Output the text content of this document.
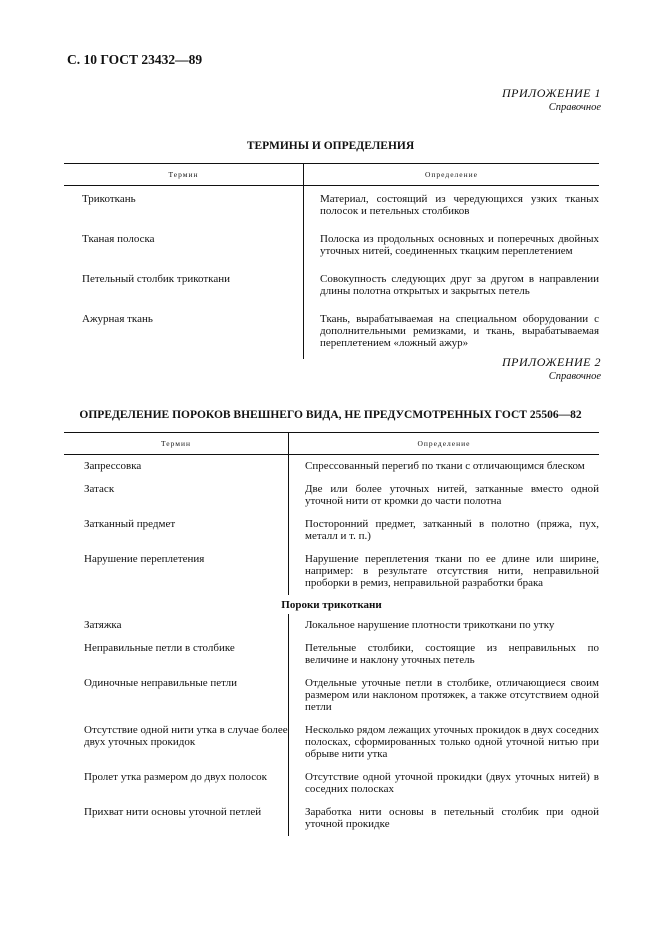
С. 10 ГОСТ 23432—89
ПРИЛОЖЕНИЕ 1
Справочное
ТЕРМИНЫ И ОПРЕДЕЛЕНИЯ
Термин	Определение
Трикоткань	Материал, состоящий из чередующихся узких тканых полосок и петельных столбиков
Тканая полоска	Полоска из продольных основных и поперечных двойных уточных нитей, соединенных ткацким переплетением
Петельный столбик трикоткани	Совокупность следующих друг за другом в направлении длины полотна открытых и закрытых петель
Ажурная ткань	Ткань, вырабатываемая на специальном оборудовании с дополнительными ремизками, и ткань, вырабатываемая переплетением «ложный ажур»
ПРИЛОЖЕНИЕ 2
Справочное
ОПРЕДЕЛЕНИЕ ПОРОКОВ ВНЕШНЕГО ВИДА, НЕ ПРЕДУСМОТРЕННЫХ ГОСТ 25506—82
Термин	Определение
Запрессовка	Спрессованный перегиб по ткани с отличающимся блеском
Затаск	Две или более уточных нитей, затканные вместо одной уточной нити от кромки до части полотна
Затканный предмет	Посторонний предмет, затканный в полотно (пряжа, пух, металл и т. п.)
Нарушение переплетения	Нарушение переплетения ткани по ее длине или ширине, например: в результате отсутствия нити, неправильной проборки в ремиз, неправильной разработки брака
Пороки трикоткани	
Затяжка	Локальное нарушение плотности трикоткани по утку
Неправильные петли в столбике	Петельные столбики, состоящие из неправильных по величине и наклону уточных петель
Одиночные неправильные петли	Отдельные уточные петли в столбике, отличающиеся своим размером или наклоном протяжек, а также отсутствием одной петли
Отсутствие одной нити утка в случае более двух уточных прокидок	Несколько рядом лежащих уточных прокидок в двух соседних полосках, сформированных только одной уточной нитью при обрыве нити утка
Пролет утка размером до двух полосок	Отсутствие одной уточной прокидки (двух уточных нитей) в соседних полосках
Прихват нити основы уточной петлей	Заработка нити основы в петельный столбик при одной уточной прокидке
